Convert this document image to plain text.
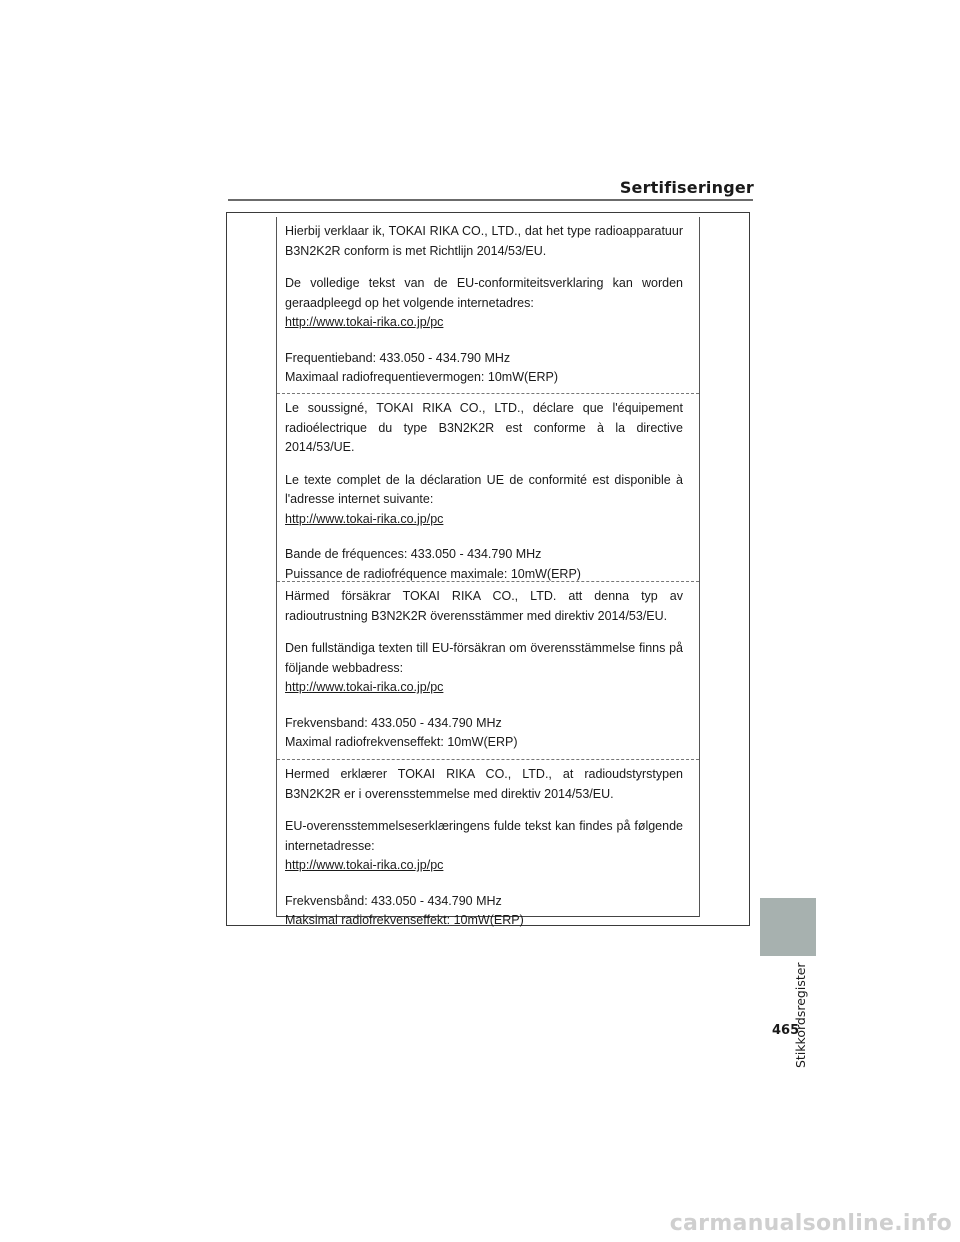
Sertifiseringer

Hierbij verklaar ik, TOKAI RIKA CO., LTD., dat het type radioapparatuur B3N2K2R conform is met Richtlijn 2014/53/EU.

De volledige tekst van de EU-conformiteitsverklaring kan worden geraadpleegd op het volgende internetadres:

http://www.tokai-rika.co.jp/pc

Frequentieband: 433.050 - 434.790 MHz

Maximaal radiofrequentievermogen: 10mW(ERP)

Le soussigné, TOKAI RIKA CO., LTD., déclare que l'équipement radioélectrique du type B3N2K2R est conforme à la directive 2014/53/UE.

Le texte complet de la déclaration UE de conformité est disponible à l'adresse internet suivante:

http://www.tokai-rika.co.jp/pc

Bande de fréquences: 433.050 - 434.790 MHz

Puissance de radiofréquence maximale: 10mW(ERP)

Härmed försäkrar TOKAI RIKA CO., LTD. att denna typ av radioutrustning B3N2K2R överensstämmer med direktiv 2014/53/EU.

Den fullständiga texten till EU-försäkran om överensstämmelse finns på följande webbadress:

http://www.tokai-rika.co.jp/pc

Frekvensband: 433.050 - 434.790 MHz

Maximal radiofrekvenseffekt: 10mW(ERP)

Hermed erklærer TOKAI RIKA CO., LTD., at radioudstyrstypen B3N2K2R er i overensstemmelse med direktiv 2014/53/EU.

EU-overensstemmelseserklæringens fulde tekst kan findes på følgende internetadresse:

http://www.tokai-rika.co.jp/pc

Frekvensbånd: 433.050 - 434.790 MHz

Maksimal radiofrekvenseffekt: 10mW(ERP)

Stikkordsregister
465
carmanualsonline.info
